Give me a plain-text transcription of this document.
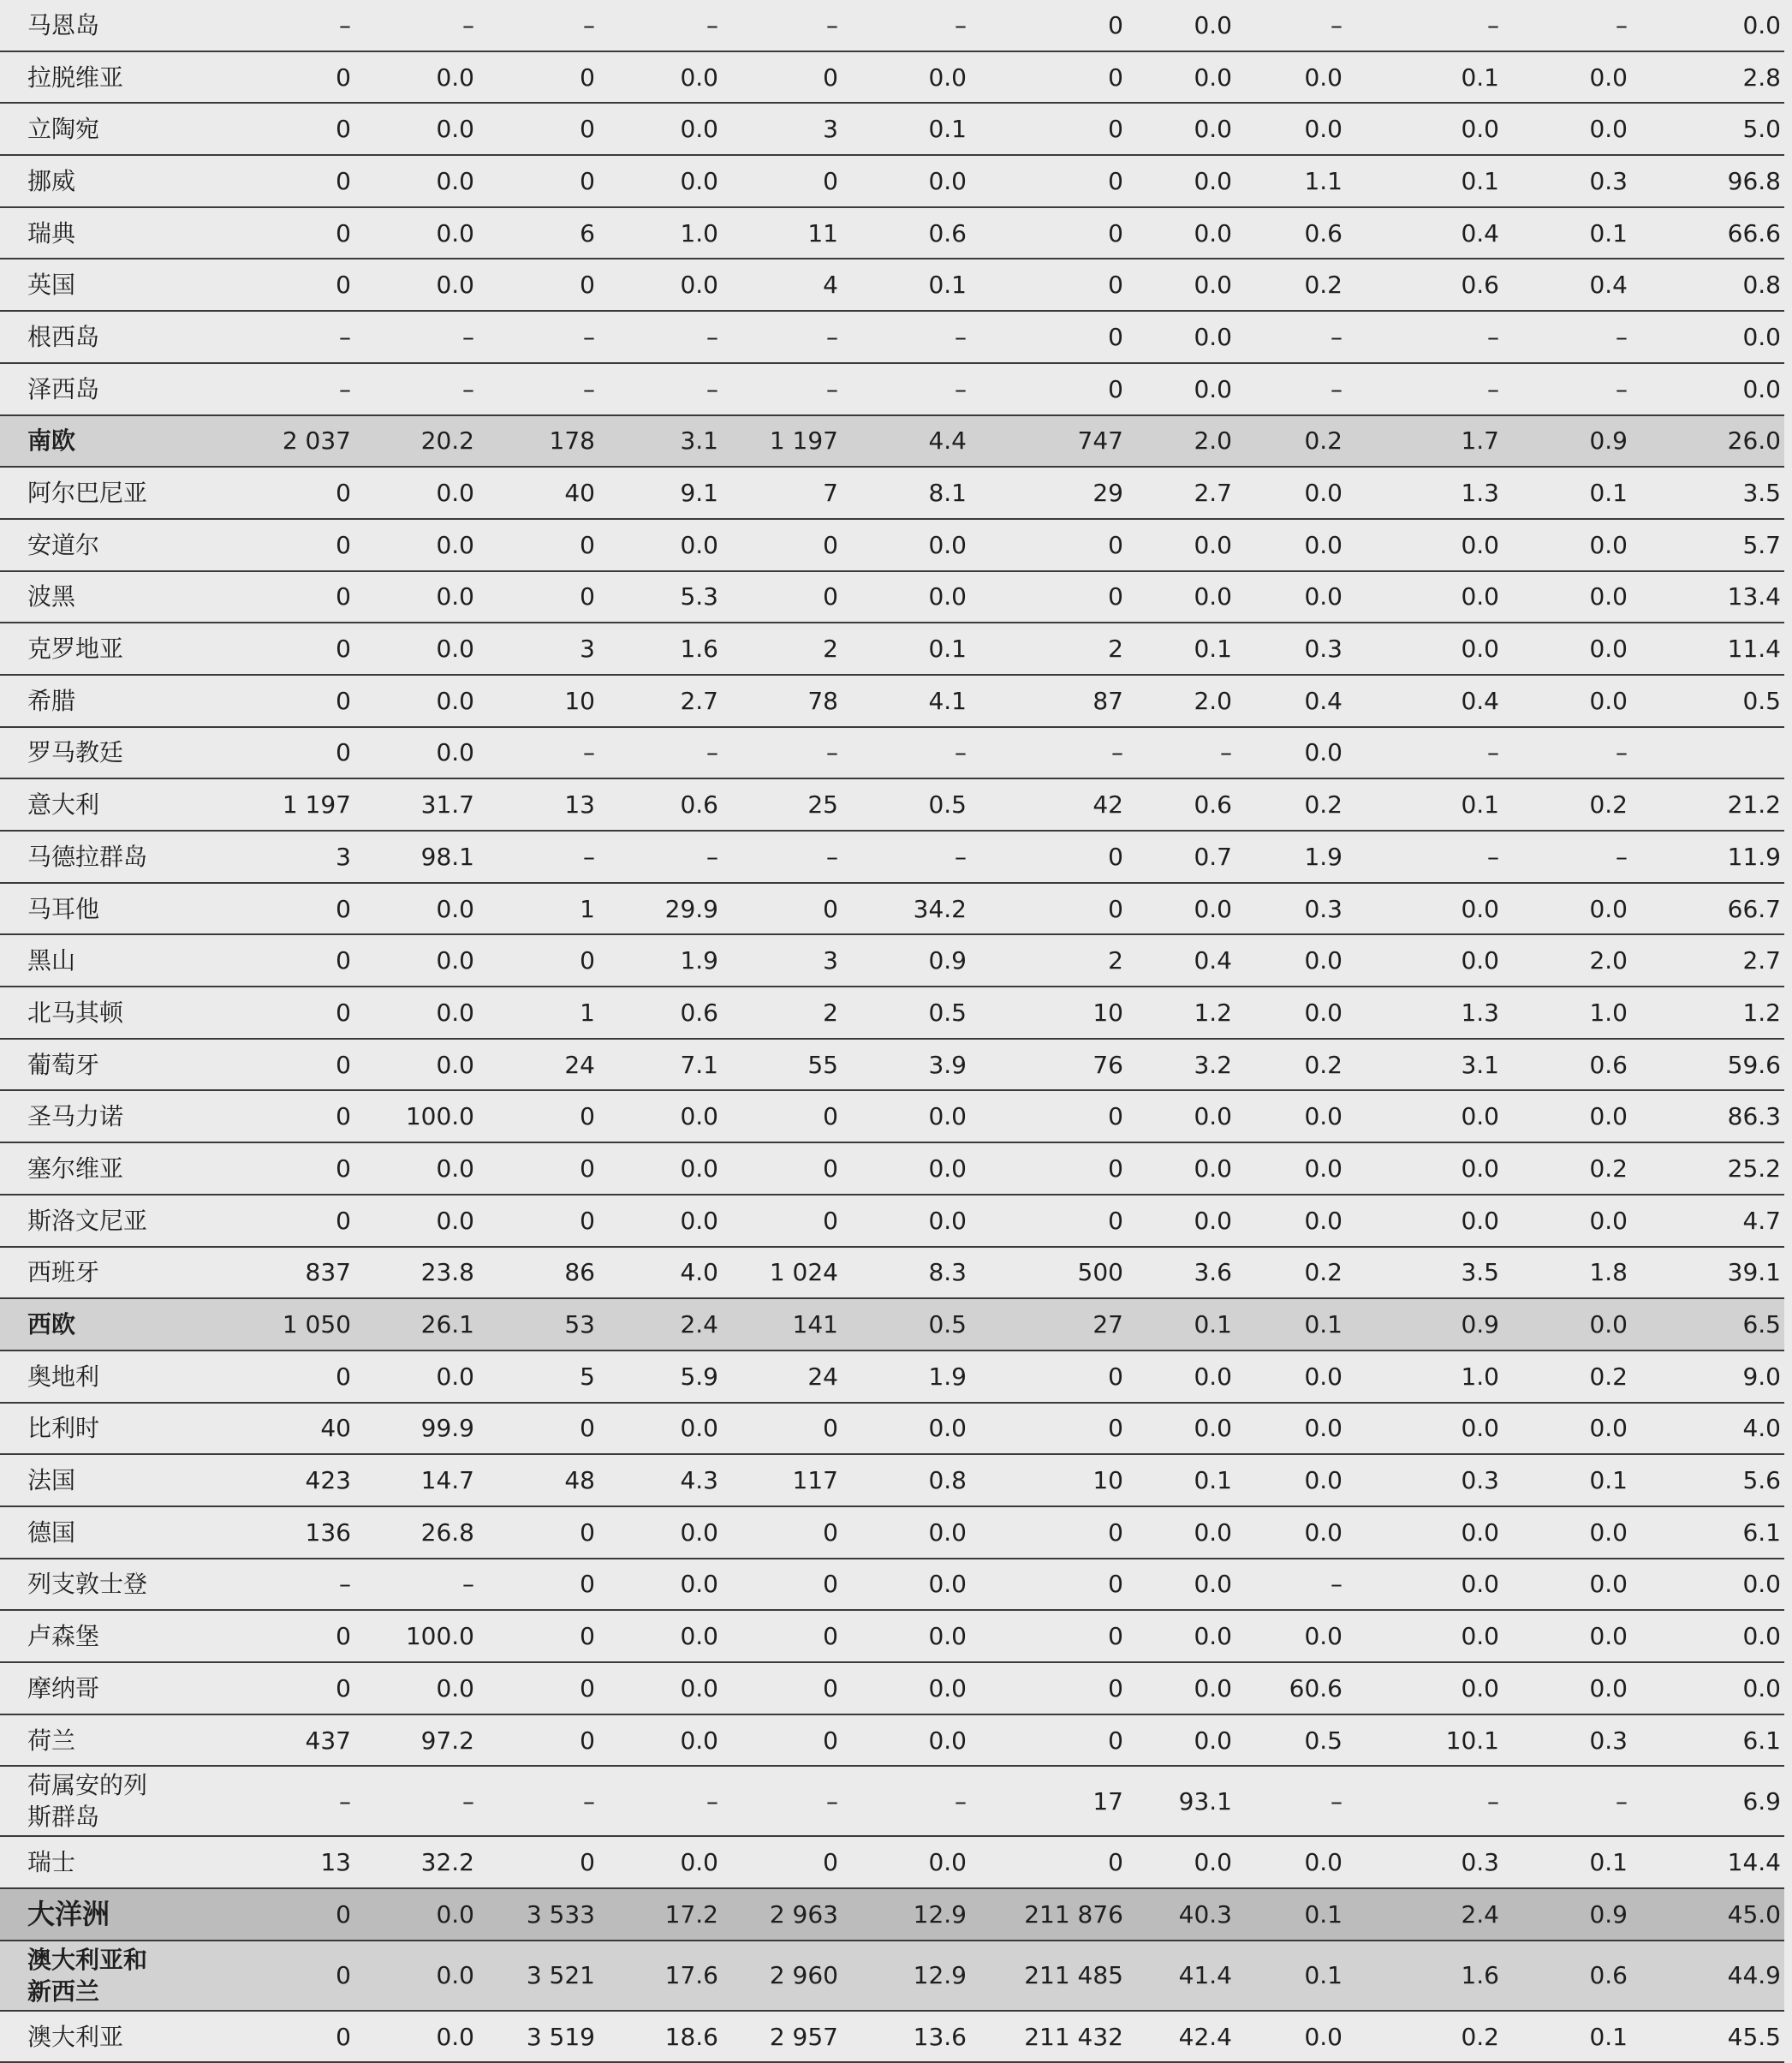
马恩岛	–	–	–	–	–	–	0	0.0	–	–	–	0.0
拉脱维亚	0	0.0	0	0.0	0	0.0	0	0.0	0.0	0.1	0.0	2.8
立陶宛	0	0.0	0	0.0	3	0.1	0	0.0	0.0	0.0	0.0	5.0
挪威	0	0.0	0	0.0	0	0.0	0	0.0	1.1	0.1	0.3	96.8
瑞典	0	0.0	6	1.0	11	0.6	0	0.0	0.6	0.4	0.1	66.6
英国	0	0.0	0	0.0	4	0.1	0	0.0	0.2	0.6	0.4	0.8
根西岛	–	–	–	–	–	–	0	0.0	–	–	–	0.0
泽西岛	–	–	–	–	–	–	0	0.0	–	–	–	0.0
南欧	2 037	20.2	178	3.1	1 197	4.4	747	2.0	0.2	1.7	0.9	26.0
阿尔巴尼亚	0	0.0	40	9.1	7	8.1	29	2.7	0.0	1.3	0.1	3.5
安道尔	0	0.0	0	0.0	0	0.0	0	0.0	0.0	0.0	0.0	5.7
波黑	0	0.0	0	5.3	0	0.0	0	0.0	0.0	0.0	0.0	13.4
克罗地亚	0	0.0	3	1.6	2	0.1	2	0.1	0.3	0.0	0.0	11.4
希腊	0	0.0	10	2.7	78	4.1	87	2.0	0.4	0.4	0.0	0.5
罗马教廷	0	0.0	–	–	–	–	–	–	0.0	–	–	
意大利	1 197	31.7	13	0.6	25	0.5	42	0.6	0.2	0.1	0.2	21.2
马德拉群岛	3	98.1	–	–	–	–	0	0.7	1.9	–	–	11.9
马耳他	0	0.0	1	29.9	0	34.2	0	0.0	0.3	0.0	0.0	66.7
黑山	0	0.0	0	1.9	3	0.9	2	0.4	0.0	0.0	2.0	2.7
北马其顿	0	0.0	1	0.6	2	0.5	10	1.2	0.0	1.3	1.0	1.2
葡萄牙	0	0.0	24	7.1	55	3.9	76	3.2	0.2	3.1	0.6	59.6
圣马力诺	0	100.0	0	0.0	0	0.0	0	0.0	0.0	0.0	0.0	86.3
塞尔维亚	0	0.0	0	0.0	0	0.0	0	0.0	0.0	0.0	0.2	25.2
斯洛文尼亚	0	0.0	0	0.0	0	0.0	0	0.0	0.0	0.0	0.0	4.7
西班牙	837	23.8	86	4.0	1 024	8.3	500	3.6	0.2	3.5	1.8	39.1
西欧	1 050	26.1	53	2.4	141	0.5	27	0.1	0.1	0.9	0.0	6.5
奥地利	0	0.0	5	5.9	24	1.9	0	0.0	0.0	1.0	0.2	9.0
比利时	40	99.9	0	0.0	0	0.0	0	0.0	0.0	0.0	0.0	4.0
法国	423	14.7	48	4.3	117	0.8	10	0.1	0.0	0.3	0.1	5.6
德国	136	26.8	0	0.0	0	0.0	0	0.0	0.0	0.0	0.0	6.1
列支敦士登	–	–	0	0.0	0	0.0	0	0.0	–	0.0	0.0	0.0
卢森堡	0	100.0	0	0.0	0	0.0	0	0.0	0.0	0.0	0.0	0.0
摩纳哥	0	0.0	0	0.0	0	0.0	0	0.0	60.6	0.0	0.0	0.0
荷兰	437	97.2	0	0.0	0	0.0	0	0.0	0.5	10.1	0.3	6.1
荷属安的列斯群岛	–	–	–	–	–	–	17	93.1	–	–	–	6.9
瑞士	13	32.2	0	0.0	0	0.0	0	0.0	0.0	0.3	0.1	14.4
大洋洲	0	0.0	3 533	17.2	2 963	12.9	211 876	40.3	0.1	2.4	0.9	45.0
澳大利亚和新西兰	0	0.0	3 521	17.6	2 960	12.9	211 485	41.4	0.1	1.6	0.6	44.9
澳大利亚	0	0.0	3 519	18.6	2 957	13.6	211 432	42.4	0.0	0.2	0.1	45.5
